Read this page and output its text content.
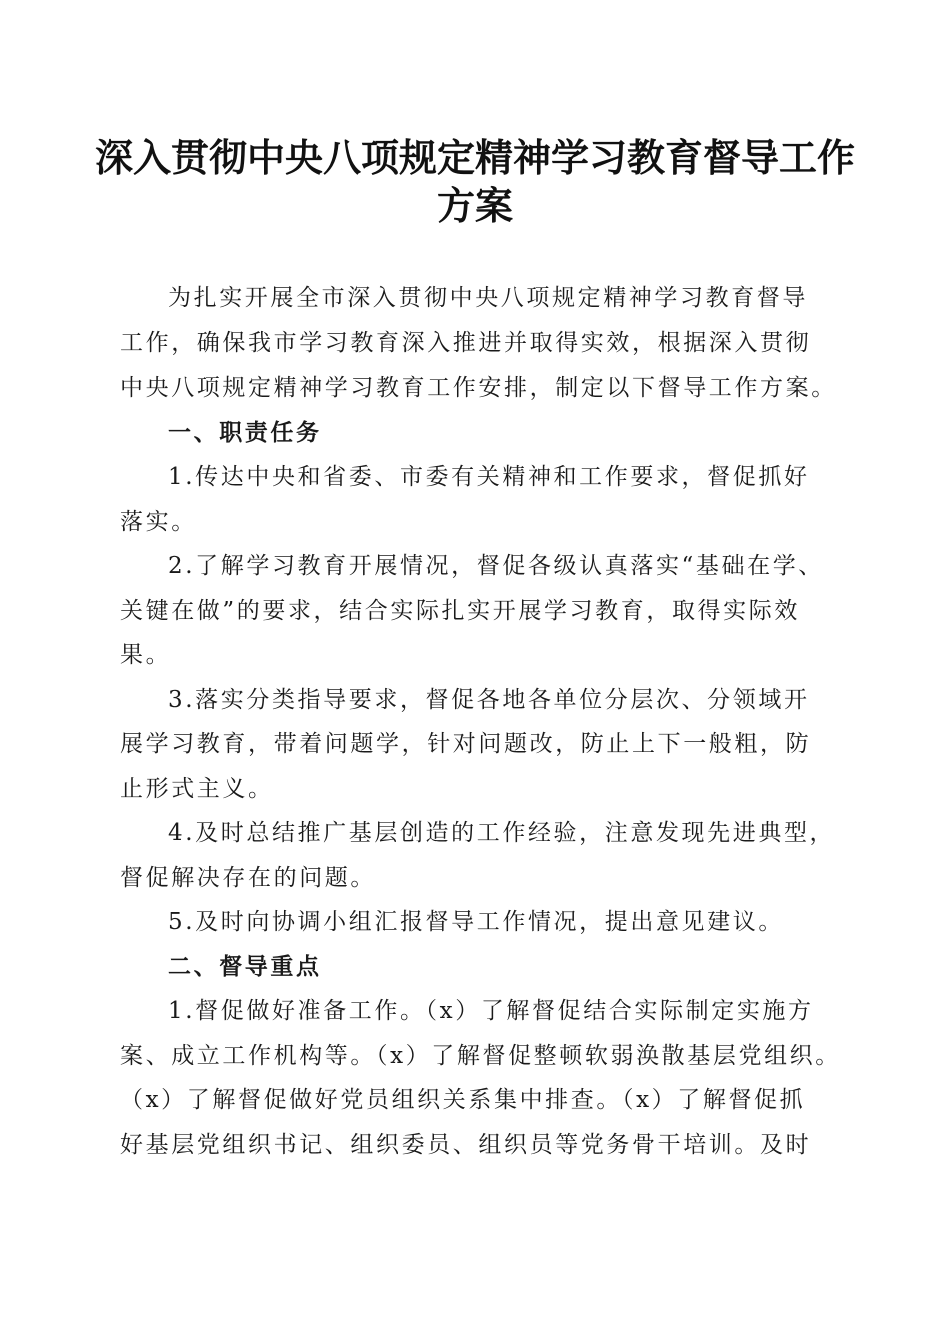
深入贯彻中央八项规定精神学习教育督导工作
方案
为扎实开展全市深入贯彻中央八项规定精神学习教育督导
工作，确保我市学习教育深入推进并取得实效，根据深入贯彻
中央八项规定精神学习教育工作安排，制定以下督导工作方案。
一、职责任务
1.传达中央和省委、市委有关精神和工作要求，督促抓好
落实。
2.了解学习教育开展情况，督促各级认真落实“基础在学、
关键在做”的要求，结合实际扎实开展学习教育，取得实际效
果。
3.落实分类指导要求，督促各地各单位分层次、分领域开
展学习教育，带着问题学，针对问题改，防止上下一般粗，防
止形式主义。
4.及时总结推广基层创造的工作经验，注意发现先进典型，
督促解决存在的问题。
5.及时向协调小组汇报督导工作情况，提出意见建议。
二、督导重点
1.督促做好准备工作。（x）了解督促结合实际制定实施方
案、成立工作机构等。（x）了解督促整顿软弱涣散基层党组织。
（x）了解督促做好党员组织关系集中排查。（x）了解督促抓
好基层党组织书记、组织委员、组织员等党务骨干培训。及时
